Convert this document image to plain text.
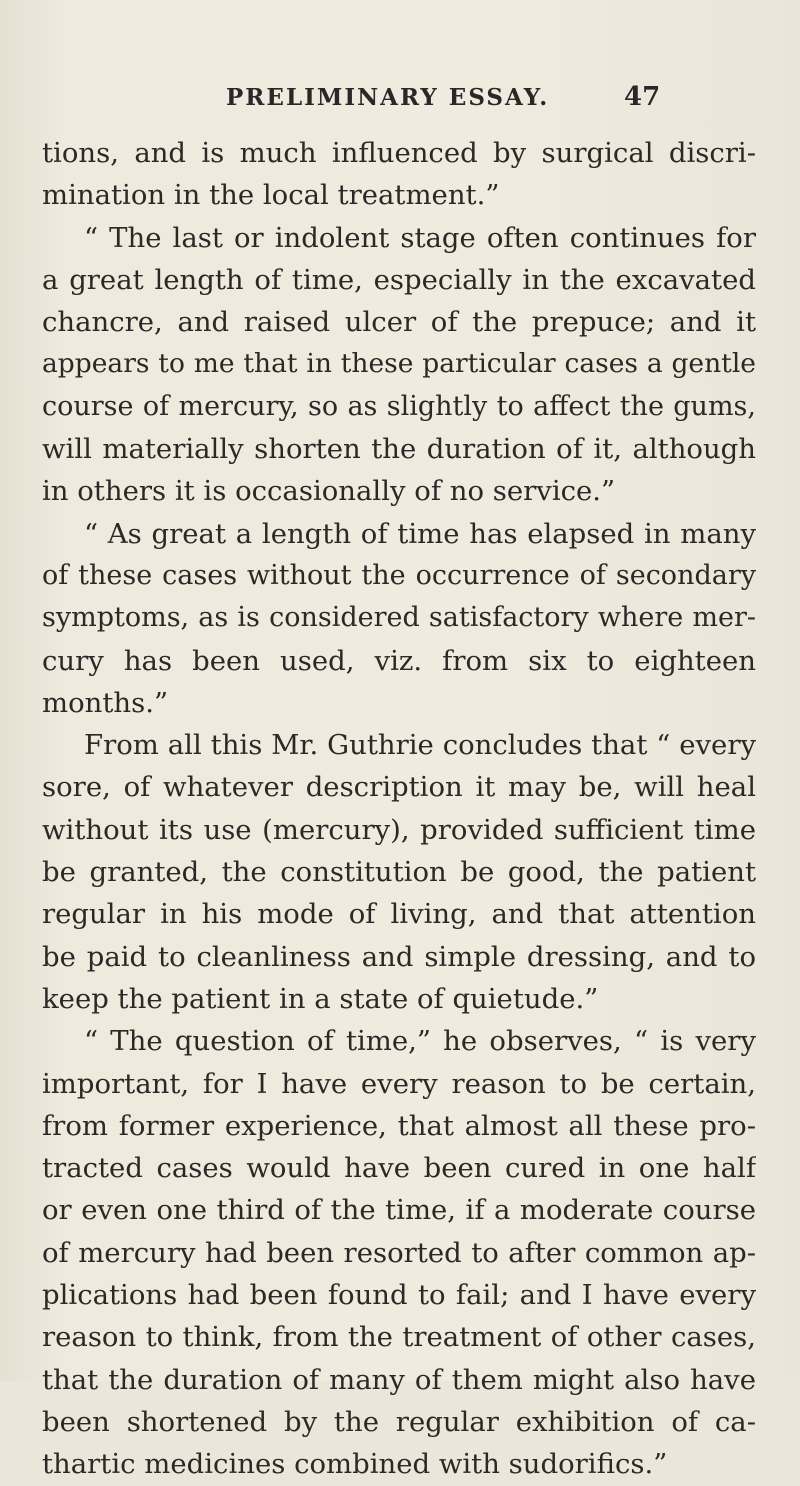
PRELIMINARY ESSAY.	47
tions, and is much influenced by surgical discri-
mination in the local treatment.”
“ The last or indolent stage often continues for
a great length of time, especially in the excavated
chancre, and raised ulcer of the prepuce; and it
appears to me that in these particular cases a gentle
course of mercury, so as slightly to affect the gums,
will materially shorten the duration of it, although
in others it is occasionally of no service.”
“ As great a length of time has elapsed in many
of these cases without the occurrence of secondary
symptoms, as is considered satisfactory where mer-
cury has been used, viz. from six to eighteen
months.”
From all this Mr. Guthrie concludes that “ every
sore, of whatever description it may be, will heal
without its use (mercury), provided sufficient time
be granted, the constitution be good, the patient
regular in his mode of living, and that attention
be paid to cleanliness and simple dressing, and to
keep the patient in a state of quietude.”
“ The question of time,” he observes, “ is very
important, for I have every reason to be certain,
from former experience, that almost all these pro-
tracted cases would have been cured in one half
or even one third of the time, if a moderate course
of mercury had been resorted to after common ap-
plications had been found to fail; and I have every
reason to think, from the treatment of other cases,
that the duration of many of them might also have
been shortened by the regular exhibition of ca-
thartic medicines combined with sudorifics.”
